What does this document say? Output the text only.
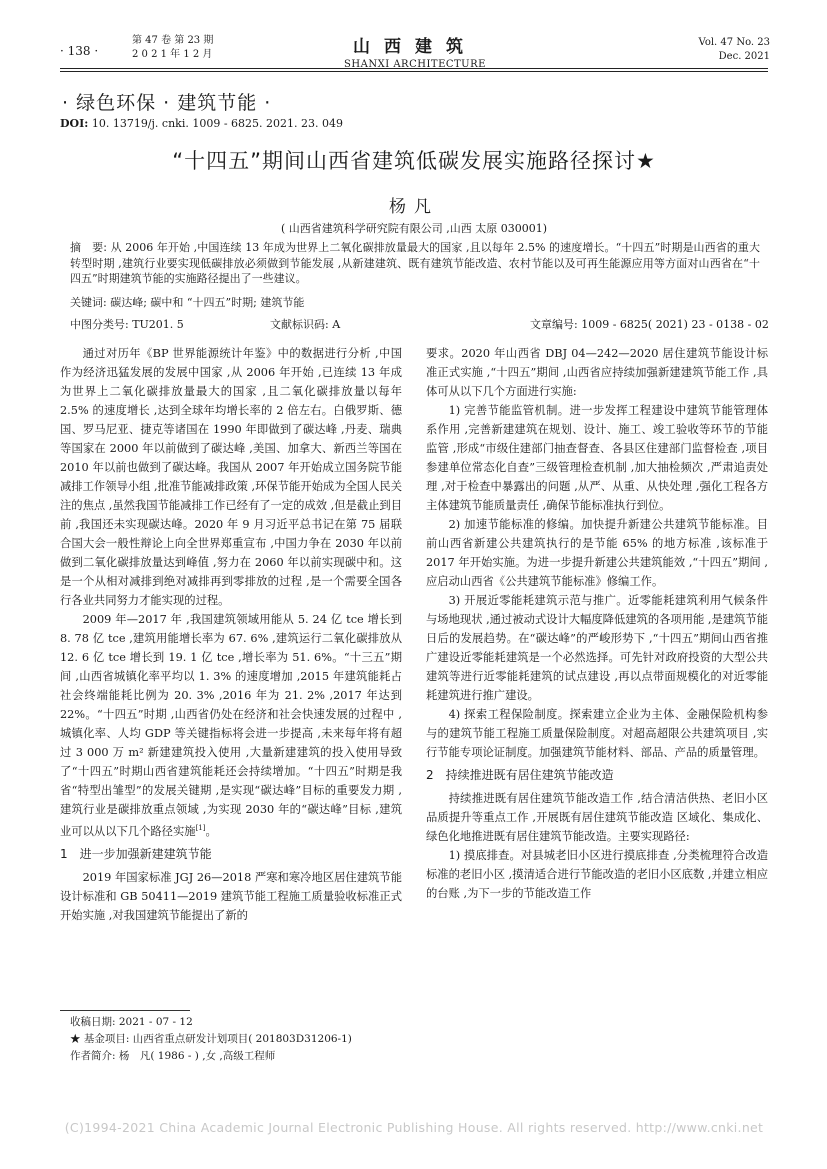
· 138 ·
第 47 卷 第 23 期
2 0 2 1 年 1 2 月	山西建筑
SHANXI ARCHITECTURE
Vol. 47 No. 23
Dec. 2021
· 绿色环保 · 建筑节能 ·
DOI: 10. 13719/j. cnki. 1009 - 6825. 2021. 23. 049
“十四五”期间山西省建筑低碳发展实施路径探讨★
杨凡
( 山西省建筑科学研究院有限公司 ,山西 太原 030001)
摘　要: 从 2006 年开始 ,中国连续 13 年成为世界上二氧化碳排放量最大的国家 ,且以每年 2.5% 的速度增长。“十四五”时期是山西省的重大转型时期 ,建筑行业要实现低碳排放必须做到节能发展 ,从新建建筑、既有建筑节能改造、农村节能以及可再生能源应用等方面对山西省在“十四五”时期建筑节能的实施路径提出了一些建议。
关键词: 碳达峰; 碳中和 “十四五”时期; 建筑节能
中图分类号: TU201. 5	文献标识码: A	文章编号: 1009 - 6825( 2021) 23 - 0138 - 02

通过对历年《BP 世界能源统计年鉴》中的数据进行分析 ,中国作为经济迅猛发展的发展中国家 ,从 2006 年开始 ,已连续 13 年成为世界上二氧化碳排放量最大的国家 ,且二氧化碳排放量以每年 2.5% 的速度增长 ,达到全球年均增长率的 2 倍左右。白俄罗斯、德国、罗马尼亚、捷克等诸国在 1990 年即做到了碳达峰 ,丹麦、瑞典等国家在 2000 年以前做到了碳达峰 ,美国、加拿大、新西兰等国在 2010 年以前也做到了碳达峰。我国从 2007 年开始成立国务院节能减排工作领导小组 ,批准节能减排政策 ,环保节能开始成为全国人民关注的焦点 ,虽然我国节能减排工作已经有了一定的成效 ,但是截止到目前 ,我国还未实现碳达峰。2020 年 9 月习近平总书记在第 75 届联合国大会一般性辩论上向全世界郑重宣布 ,中国力争在 2030 年以前做到二氧化碳排放量达到峰值 ,努力在 2060 年以前实现碳中和。这是一个从相对减排到绝对减排再到零排放的过程 ,是一个需要全国各行各业共同努力才能实现的过程。

2009 年—2017 年 ,我国建筑领域用能从 5. 24 亿 tce 增长到 8. 78 亿 tce ,建筑用能增长率为 67. 6% ,建筑运行二氧化碳排放从 12. 6 亿 tce 增长到 19. 1 亿 tce ,增长率为 51. 6%。“十三五”期间 ,山西省城镇化率平均以 1. 3% 的速度增加 ,2015 年建筑能耗占社会终端能耗比例为 20. 3% ,2016 年为 21. 2% ,2017 年达到 22%。“十四五”时期 ,山西省仍处在经济和社会快速发展的过程中 ,城镇化率、人均 GDP 等关键指标将会进一步提高 ,未来每年将有超过 3 000 万 m² 新建建筑投入使用 ,大量新建建筑的投入使用导致了“十四五”时期山西省建筑能耗还会持续增加。“十四五”时期是我省“特型出雏型”的发展关键期 ,是实现“碳达峰”目标的重要发力期 ,建筑行业是碳排放重点领域 ,为实现 2030 年的“碳达峰”目标 ,建筑业可以从以下几个路径实施[1]。

1　进一步加强新建建筑节能

2019 年国家标准 JGJ 26—2018 严寒和寒冷地区居住建筑节能设计标准和 GB 50411—2019 建筑节能工程施工质量验收标准正式开始实施 ,对我国建筑节能提出了新的

要求。2020 年山西省 DBJ 04—242—2020 居住建筑节能设计标准正式实施 ,“十四五”期间 ,山西省应持续加强新建建筑节能工作 ,具体可从以下几个方面进行实施:

1) 完善节能监管机制。进一步发挥工程建设中建筑节能管理体系作用 ,完善新建建筑在规划、设计、施工、竣工验收等环节的节能监管 ,形成“市级住建部门抽查督查、各县区住建部门监督检查 ,项目参建单位常态化自查”三级管理检查机制 ,加大抽检频次 ,严肃追责处理 ,对于检查中暴露出的问题 ,从严、从重、从快处理 ,强化工程各方主体建筑节能质量责任 ,确保节能标准执行到位。

2) 加速节能标准的修编。加快提升新建公共建筑节能标准。目前山西省新建公共建筑执行的是节能 65% 的地方标准 ,该标准于 2017 年开始实施。为进一步提升新建公共建筑能效 ,“十四五”期间 ,应启动山西省《公共建筑节能标准》修编工作。

3) 开展近零能耗建筑示范与推广。近零能耗建筑利用气候条件与场地现状 ,通过被动式设计大幅度降低建筑的各项用能 ,是建筑节能日后的发展趋势。在“碳达峰”的严峻形势下 ,“十四五”期间山西省推广建设近零能耗建筑是一个必然选择。可先针对政府投资的大型公共建筑等进行近零能耗建筑的试点建设 ,再以点带面规模化的对近零能耗建筑进行推广建设。

4) 探索工程保险制度。探索建立企业为主体、金融保险机构参与的建筑节能工程施工质量保险制度。对超高超限公共建筑项目 ,实行节能专项论证制度。加强建筑节能材料、部品、产品的质量管理。

2　持续推进既有居住建筑节能改造

持续推进既有居住建筑节能改造工作 ,结合清洁供热、老旧小区品质提升等重点工作 ,开展既有居住建筑节能改造 区域化、集成化、绿色化地推进既有居住建筑节能改造。主要实现路径:

1) 摸底排查。对县城老旧小区进行摸底排查 ,分类梳理符合改造标准的老旧小区 ,摸清适合进行节能改造的老旧小区底数 ,并建立相应的台账 ,为下一步的节能改造工作

收稿日期: 2021 - 07 - 12
★ 基金项目: 山西省重点研发计划项目( 201803D31206-1)
作者简介: 杨　凡( 1986 - ) ,女 ,高级工程师
(C)1994-2021 China Academic Journal Electronic Publishing House. All rights reserved. http://www.cnki.net
